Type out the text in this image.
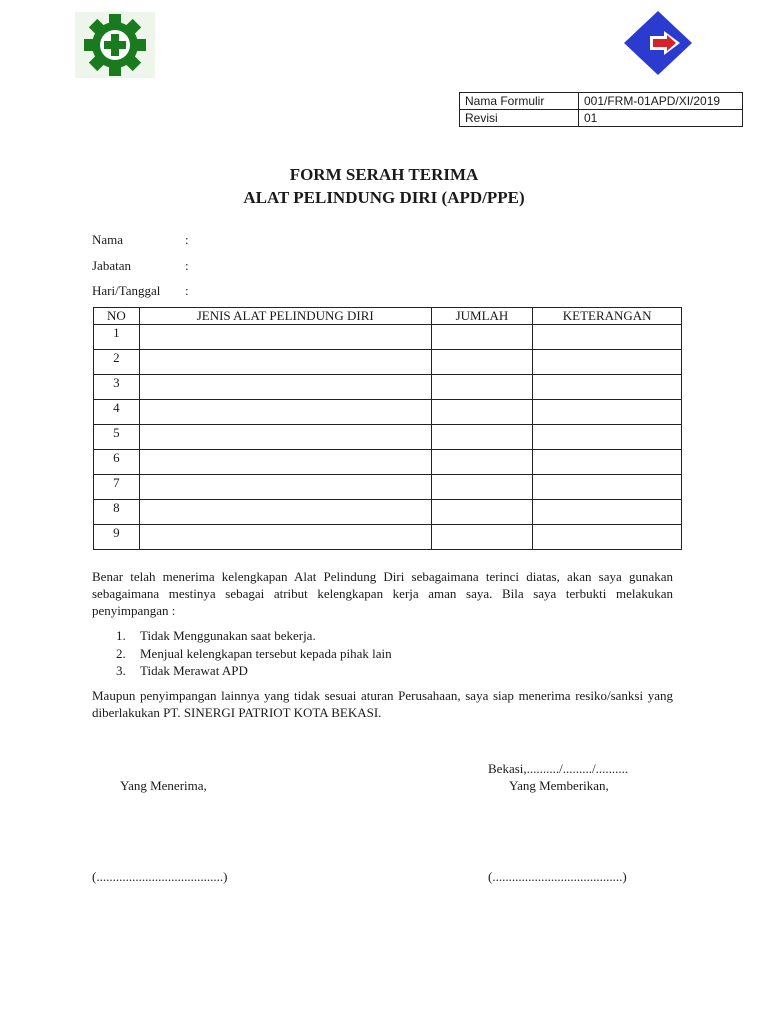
Nama Formulir	001/FRM-01APD/XI/2019
Revisi	01
FORM SERAH TERIMA
ALAT PELINDUNG DIRI (APD/PPE)
Nama	:
Jabatan	:
Hari/Tanggal :
NO	JENIS ALAT PELINDUNG DIRI	JUMLAH	KETERANGAN
1			
2			
3			
4			
5			
6			
7			
8			
9			
Benar telah menerima kelengkapan Alat Pelindung Diri sebagaimana terinci diatas, akan saya gunakan sebagaimana mestinya sebagai atribut kelengkapan kerja aman saya. Bila saya terbukti melakukan penyimpangan :
1. Tidak Menggunakan saat bekerja.
2. Menjual kelengkapan tersebut kepada pihak lain
3. Tidak Merawat APD
Maupun penyimpangan lainnya yang tidak sesuai aturan Perusahaan, saya siap menerima resiko/sanksi yang diberlakukan PT. SINERGI PATRIOT KOTA BEKASI.
Bekasi,........../........./..........
Yang Menerima,	Yang Memberikan,
(.......................................)	(........................................)
